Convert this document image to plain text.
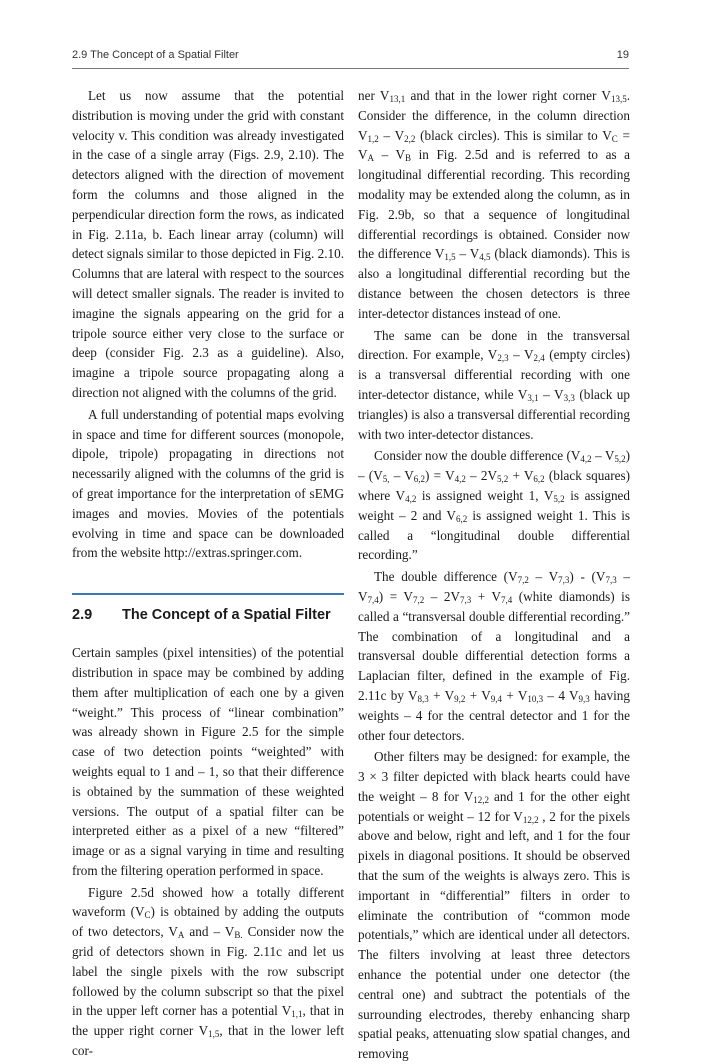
2.9 The Concept of a Spatial Filter	19

Let us now assume that the potential distribution is moving under the grid with constant velocity v. This condition was already investigated in the case of a single array (Figs. 2.9, 2.10). The detectors aligned with the direction of movement form the columns and those aligned in the perpendicular direction form the rows, as indicated in Fig. 2.11a, b. Each linear array (column) will detect signals similar to those depicted in Fig. 2.10. Columns that are lateral with respect to the sources will detect smaller signals. The reader is invited to imagine the signals appearing on the grid for a tripole source either very close to the surface or deep (consider Fig. 2.3 as a guideline). Also, imagine a tripole source propagating along a direction not aligned with the columns of the grid.

A full understanding of potential maps evolving in space and time for different sources (monopole, dipole, tripole) propagating in directions not necessarily aligned with the columns of the grid is of great importance for the interpretation of sEMG images and movies. Movies of the potentials evolving in time and space can be downloaded from the website http://extras.springer.com.

2.9	The Concept of a Spatial Filter

Certain samples (pixel intensities) of the potential distribution in space may be combined by adding them after multiplication of each one by a given “weight.” This process of “linear combination” was already shown in Figure 2.5 for the simple case of two detection points “weighted” with weights equal to 1 and – 1, so that their difference is obtained by the summation of these weighted versions. The output of a spatial filter can be interpreted either as a pixel of a new “filtered” image or as a signal varying in time and resulting from the filtering operation performed in space.

Figure 2.5d showed how a totally different waveform $(V_C)$ is obtained by adding the outputs of two detectors, $V_A$ and – $V_{B.}$ Consider now the grid of detectors shown in Fig. 2.11c and let us label the single pixels with the row subscript followed by the column subscript so that the pixel in the upper left corner has a potential $V_{1,1}$, that in the upper right corner $V_{1,5}$, that in the lower left cor-

ner $V_{13,1}$ and that in the lower right corner $V_{13,5}$. Consider the difference, in the column direction $V_{1,2} - V_{2,2}$ (black circles). This is similar to $V_C = V_A - V_B$ in Fig. 2.5d and is referred to as a longitudinal differential recording. This recording modality may be extended along the column, as in Fig. 2.9b, so that a sequence of longitudinal differential recordings is obtained. Consider now the difference $V_{1,5} - V_{4,5}$ (black diamonds). This is also a longitudinal differential recording but the distance between the chosen detectors is three inter-detector distances instead of one.

The same can be done in the transversal direction. For example, $V_{2,3} - V_{2,4}$ (empty circles) is a transversal differential recording with one inter-detector distance, while $V_{3,1} - V_{3,3}$ (black up triangles) is also a transversal differential recording with two inter-detector distances.

Consider now the double difference $(V_{4,2} - V_{5,2}) - (V_{5,} - V_{6,2}) = V_{4,2} - 2V_{5,2} + V_{6,2}$ (black squares) where $V_{4,2}$ is assigned weight 1, $V_{5,2}$ is assigned weight – 2 and $V_{6,2}$ is assigned weight 1. This is called a “longitudinal double differential recording.”

The double difference $(V_{7,2} - V_{7,3}) - (V_{7,3} - V_{7,4}) = V_{7,2} - 2V_{7,3} + V_{7,4}$ (white diamonds) is called a “transversal double differential recording.” The combination of a longitudinal and a transversal double differential detection forms a Laplacian filter, defined in the example of Fig. 2.11c by $V_{8,3} + V_{9,2} + V_{9,4} + V_{10,3} - 4$ $V_{9,3}$ having weights – 4 for the central detector and 1 for the other four detectors.

Other filters may be designed: for example, the 3 × 3 filter depicted with black hearts could have the weight – 8 for $V_{12,2}$ and 1 for the other eight potentials or weight – 12 for $V_{12,2}$ , 2 for the pixels above and below, right and left, and 1 for the four pixels in diagonal positions. It should be observed that the sum of the weights is always zero. This is important in “differential” filters in order to eliminate the contribution of “common mode potentials,” which are identical under all detectors. The filters involving at least three detectors enhance the potential under one detector (the central one) and subtract the potentials of the surrounding electrodes, thereby enhancing sharp spatial peaks, attenuating slow spatial changes, and removing
